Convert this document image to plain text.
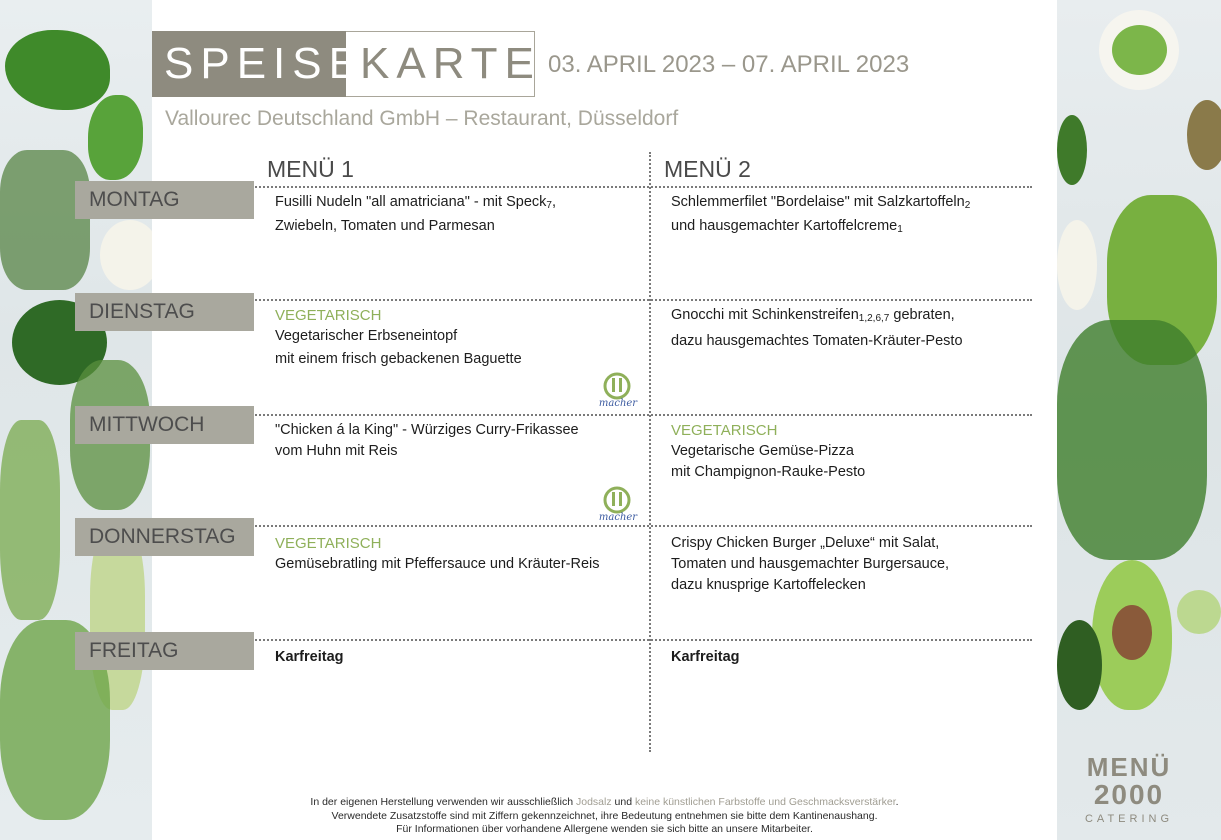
SPEISE
KARTE 03. APRIL 2023 – 07. APRIL 2023
Vallourec Deutschland GmbH – Restaurant, Düsseldorf
MENÜ 1	MENÜ 2
MONTAG
DIENSTAG
MITTWOCH
DONNERSTAG
FREITAG
Fusilli Nudeln "all amatriciana" - mit Speck$_7$,
Zwiebeln, Tomaten und Parmesan
Schlemmerfilet "Bordelaise" mit Salzkartoffeln$_2$
und hausgemachter Kartoffelcreme$_1$
VEGETARISCH
Vegetarischer Erbseneintopf
mit einem frisch gebackenen Baguette
Gnocchi mit Schinkenstreifen$_{1,2,6,7}$ gebraten,
dazu hausgemachtes Tomaten-Kräuter-Pesto
"Chicken á la King" - Würziges Curry-Frikassee
vom Huhn mit Reis
VEGETARISCH
Vegetarische Gemüse-Pizza
mit Champignon-Rauke-Pesto
VEGETARISCH
Gemüsebratling mit Pfeffersauce und Kräuter-Reis
Crispy Chicken Burger „Deluxe“ mit Salat,
Tomaten und hausgemachter Burgersauce,
dazu knusprige Kartoffelecken
Karfreitag	Karfreitag
macher
macher
In der eigenen Herstellung verwenden wir ausschließlich Jodsalz und keine künstlichen Farbstoffe und Geschmacksverstärker.
Verwendete Zusatzstoffe sind mit Ziffern gekennzeichnet, ihre Bedeutung entnehmen sie bitte dem Kantinenaushang.
Für Informationen über vorhandene Allergene wenden sie sich bitte an unsere Mitarbeiter.
MENÜ
2000
CATERING
